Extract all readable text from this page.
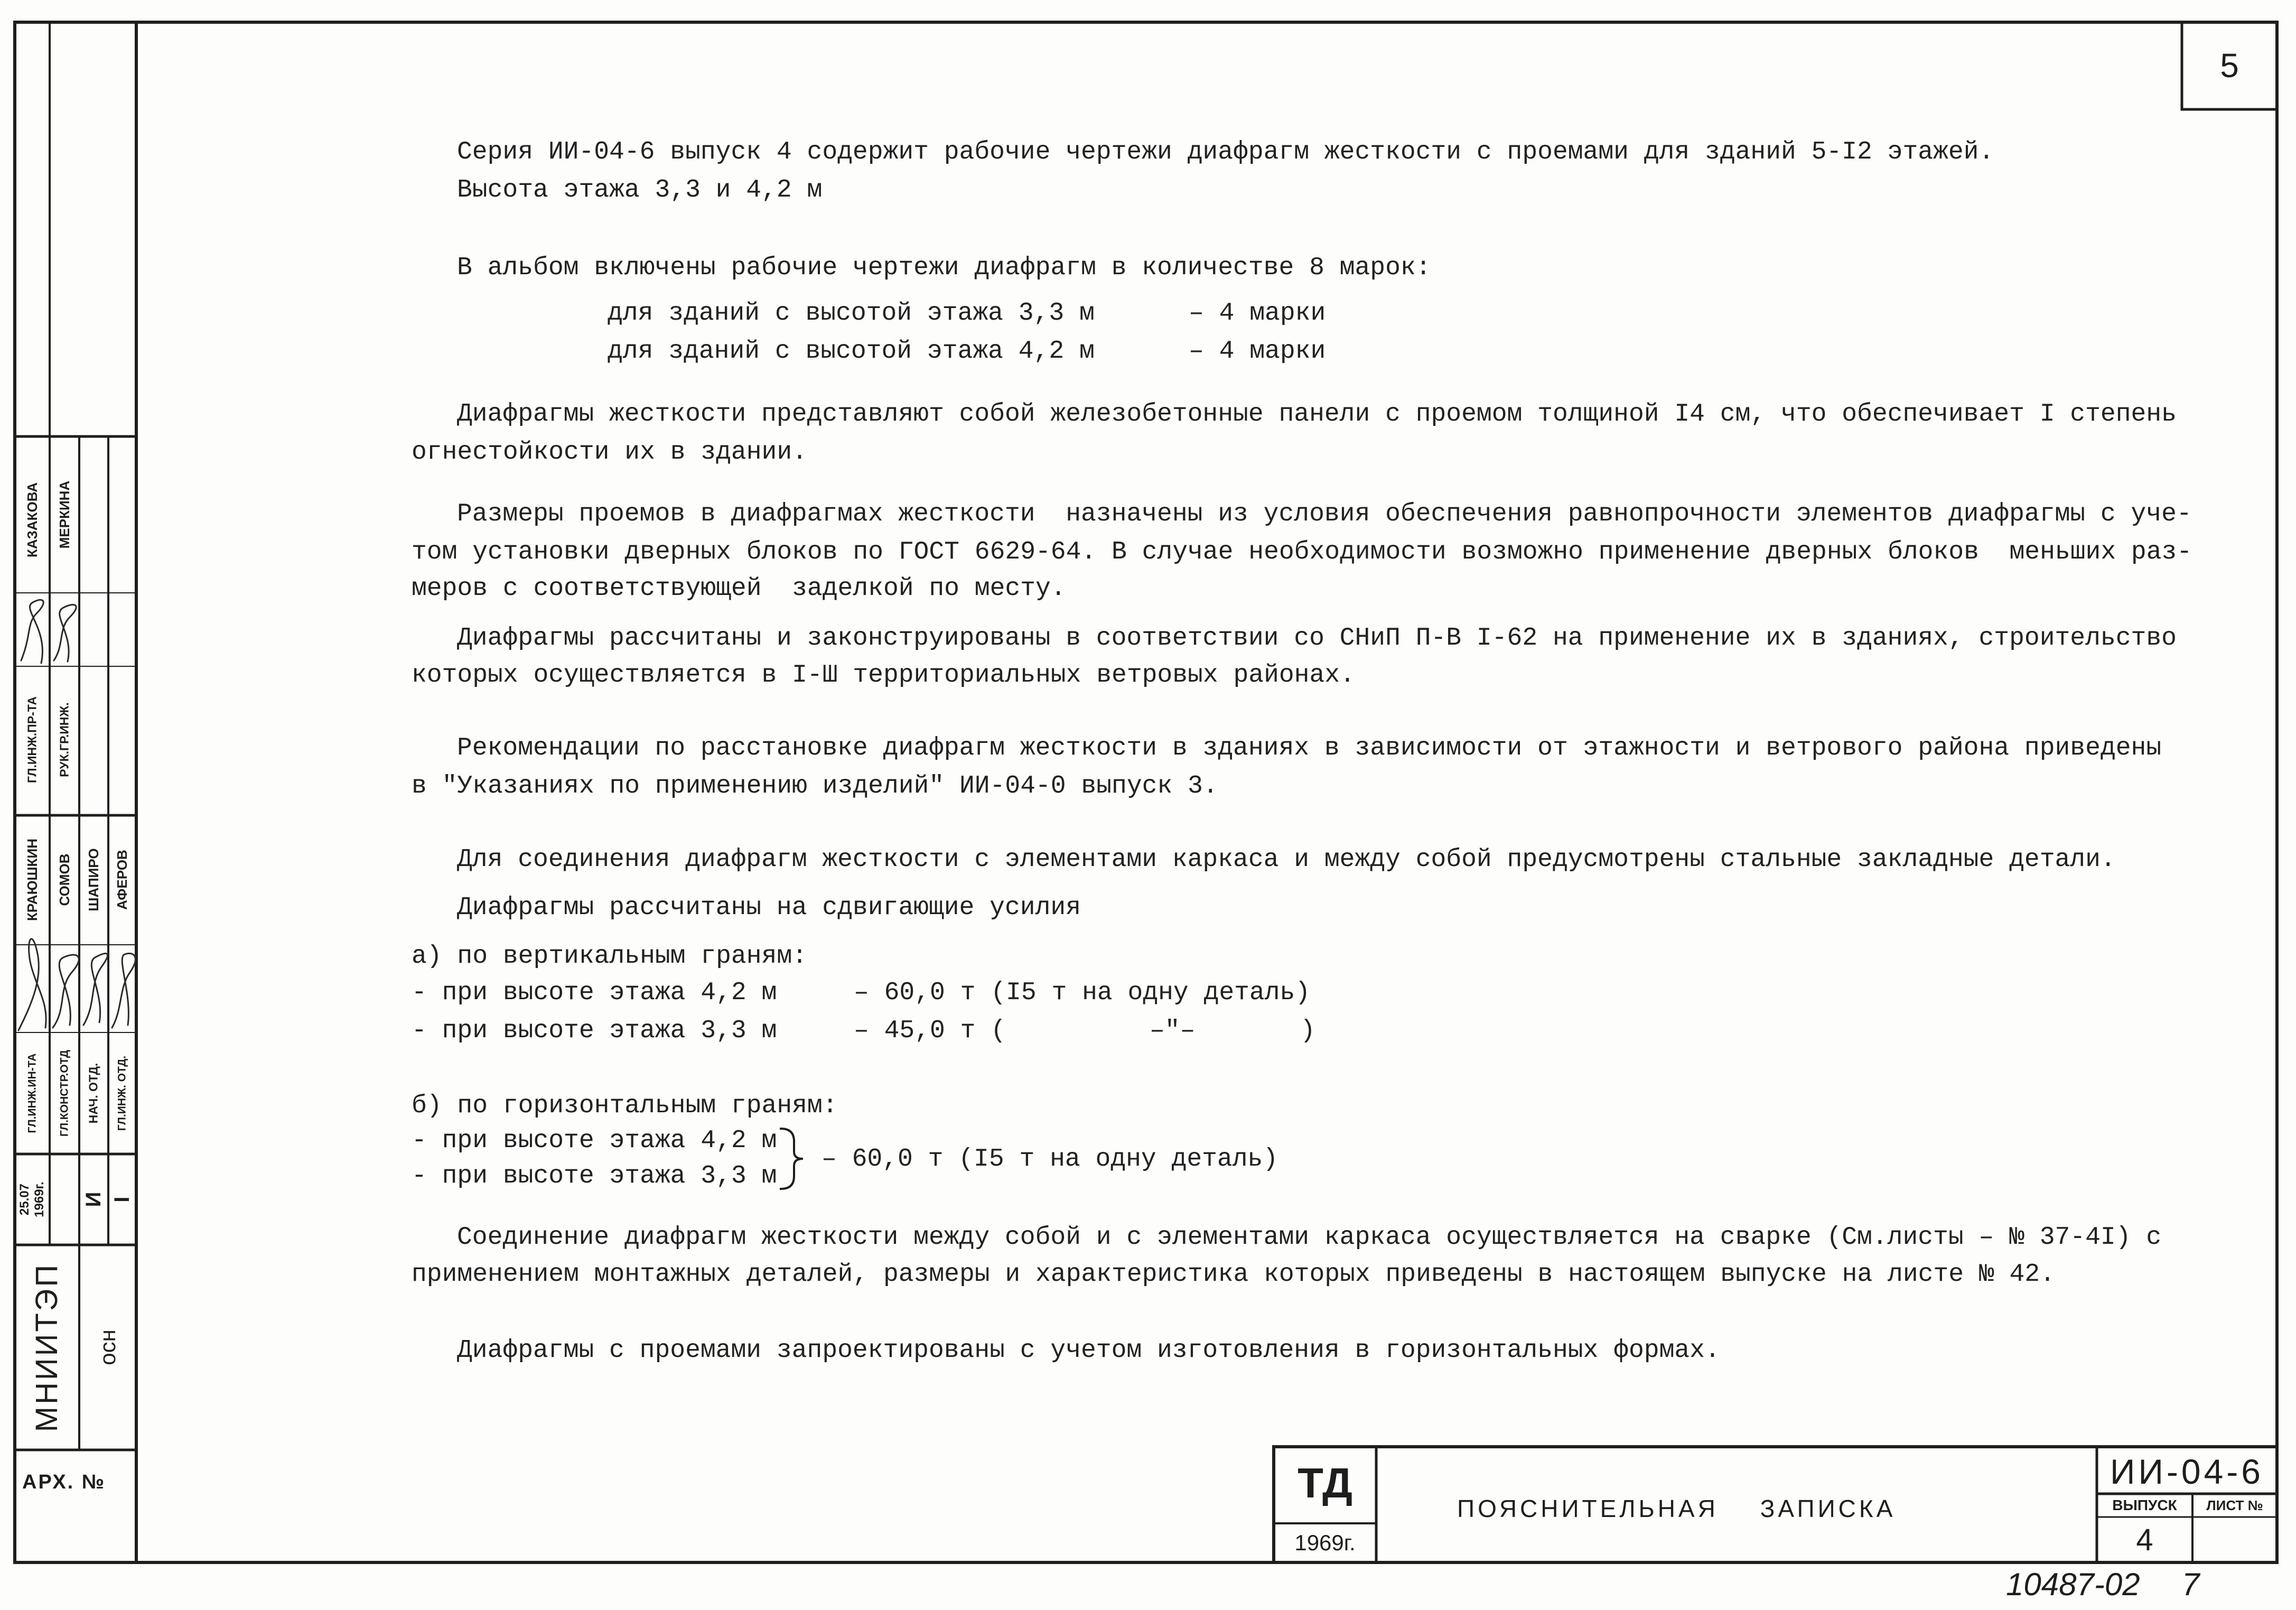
5
Серия ИИ-04-6 выпуск 4 содержит рабочие чертежи диафрагм жесткости с проемами для зданий 5-I2 этажей.
Высота этажа 3,3 и 4,2 м
В альбом включены рабочие чертежи диафрагм в количестве 8 марок:
для зданий с высотой этажа 3,3 м	– 4 марки
для зданий с высотой этажа 4,2 м	– 4 марки
Диафрагмы жесткости представляют собой железобетонные панели с проемом толщиной I4 см, что обеспечивает I степень
огнестойкости их в здании.
Размеры проемов в диафрагмах жесткости  назначены из условия обеспечения равнопрочности элементов диафрагмы с уче-
том установки дверных блоков по ГОСТ 6629-64. В случае необходимости возможно применение дверных блоков  меньших раз-
меров с соответствующей  заделкой по месту.
Диафрагмы рассчитаны и законструированы в соответствии со СНиП П-В I-62 на применение их в зданиях, строительство
которых осуществляется в I-Ш территориальных ветровых районах.
Рекомендации по расстановке диафрагм жесткости в зданиях в зависимости от этажности и ветрового района приведены
в "Указаниях по применению изделий" ИИ-04-0 выпуск 3.
Для соединения диафрагм жесткости с элементами каркаса и между собой предусмотрены стальные закладные детали.
Диафрагмы рассчитаны на сдвигающие усилия
а) по вертикальным граням:
- при высоте этажа 4,2 м	– 60,0 т (I5 т на одну деталь)
- при высоте этажа 3,3 м	– 45,0 т (	–"–	)
б) по горизонтальным граням:
- при высоте этажа 4,2 м
- при высоте этажа 3,3 м
– 60,0 т (I5 т на одну деталь)
Соединение диафрагм жесткости между собой и с элементами каркаса осуществляется на сварке (См.листы – № 37-4I) с
применением монтажных деталей, размеры и характеристика которых приведены в настоящем выпуске на листе № 42.
Диафрагмы с проемами запроектированы с учетом изготовления в горизонтальных формах.
ТД
1969г.
ПОЯСНИТЕЛЬНАЯ ЗАПИСКА
ИИ-04-6
ВЫПУСК	ЛИСТ №
4
10487-02 7
КАЗАКОВА МЕРКИНА
ГЛ.ИНЖ.ПР-ТА РУК.ГР.ИНЖ.
КРАЮШКИН СОМОВ ШАПИРО АФЕРОВ
ГЛ.ИНЖ.ИН-ТА ГЛ.КОНСТР.ОТД НАЧ. ОТД. ГЛ.ИНЖ. ОТД.
25.07 1969г. И I
МНИИТЭП осн
АРХ. №
